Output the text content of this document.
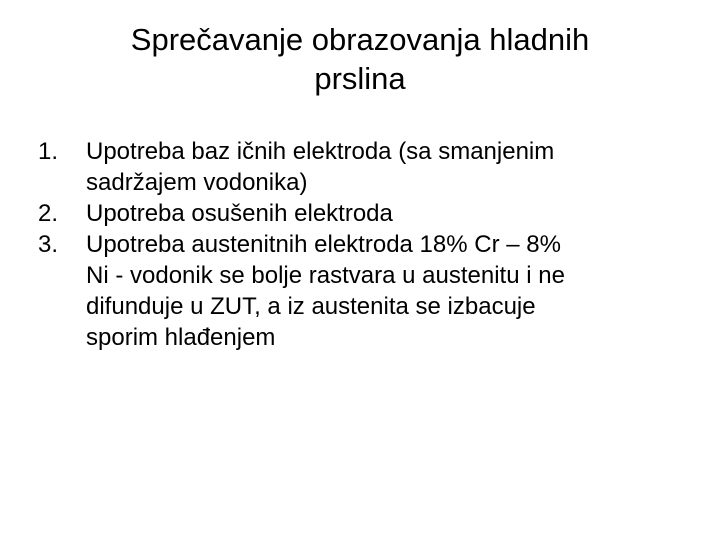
Sprečavanje obrazovanja hladnih
prslina
1. Upotreba baz ičnih elektroda (sa smanjenim
sadržajem vodonika)
2. Upotreba osušenih elektroda
3. Upotreba austenitnih elektroda 18% Cr – 8%
Ni - vodonik se bolje rastvara u austenitu i ne
difunduje u ZUT, a iz austenita se izbacuje
sporim hlađenjem
